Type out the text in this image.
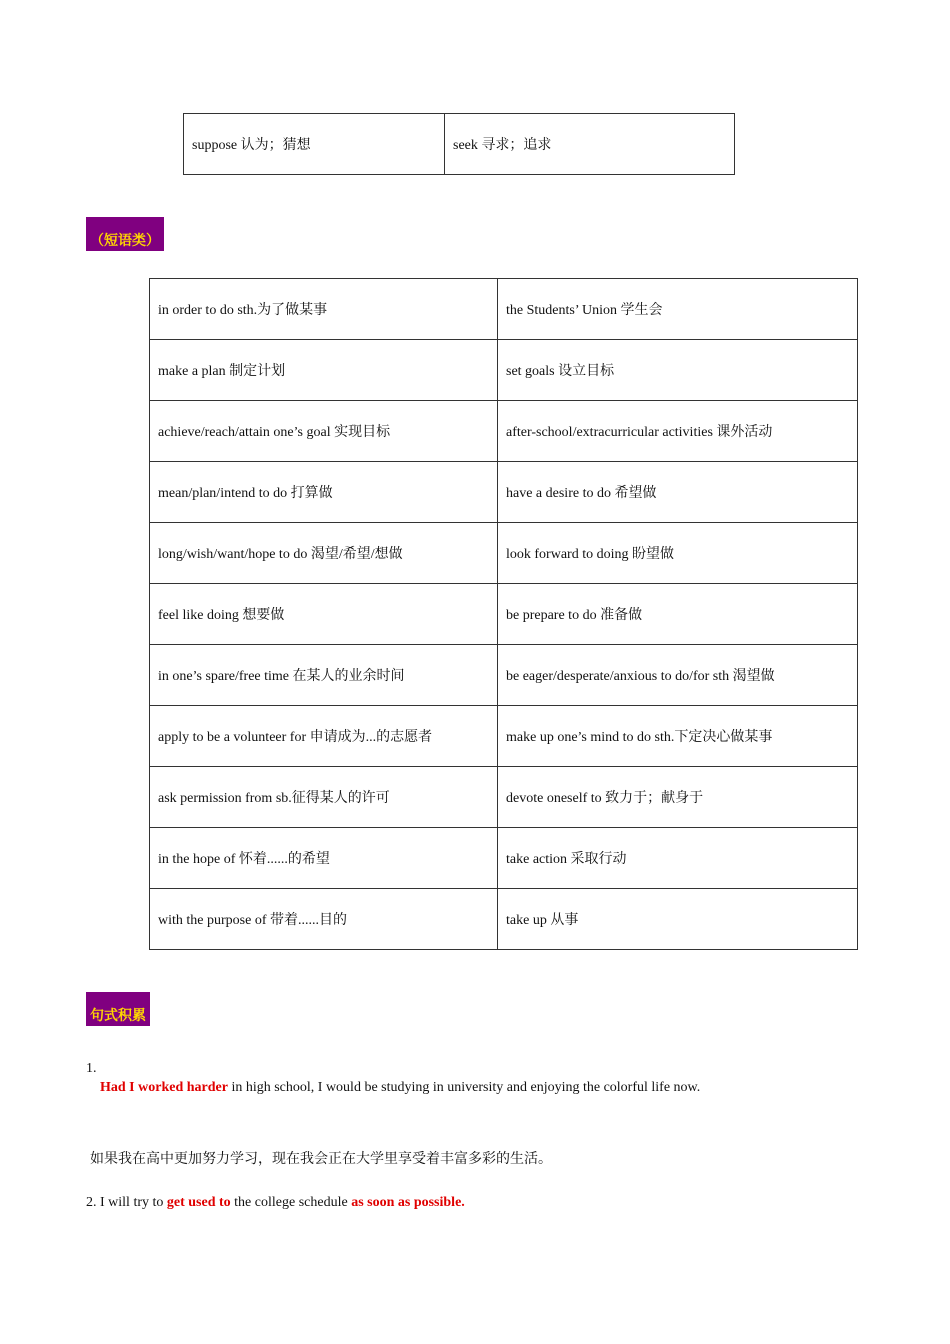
suppose 认为；猜想	seek 寻求；追求
（短语类）
in order to do sth.为了做某事	the Students’ Union 学生会
make a plan 制定计划	set goals 设立目标
achieve/reach/attain one’s goal 实现目标	after-school/extracurricular activities 课外活动
mean/plan/intend to do 打算做	have a desire to do 希望做
long/wish/want/hope to do 渴望/希望/想做	look forward to doing 盼望做
feel like doing 想要做	be prepare to do 准备做
in one’s spare/free time 在某人的业余时间	be eager/desperate/anxious to do/for sth 渴望做
apply to be a volunteer for 申请成为...的志愿者	make up one’s mind to do sth.下定决心做某事
ask permission from sb.征得某人的许可	devote oneself to 致力于；献身于
in the hope of 怀着......的希望	take action 采取行动
with the purpose of 带着......目的	take up 从事
句式积累
1.
Had I worked harder in high school, I would be studying in university and enjoying the colorful life now.
如果我在高中更加努力学习，现在我会正在大学里享受着丰富多彩的生活。
2. I will try to get used to the college schedule as soon as possible.
